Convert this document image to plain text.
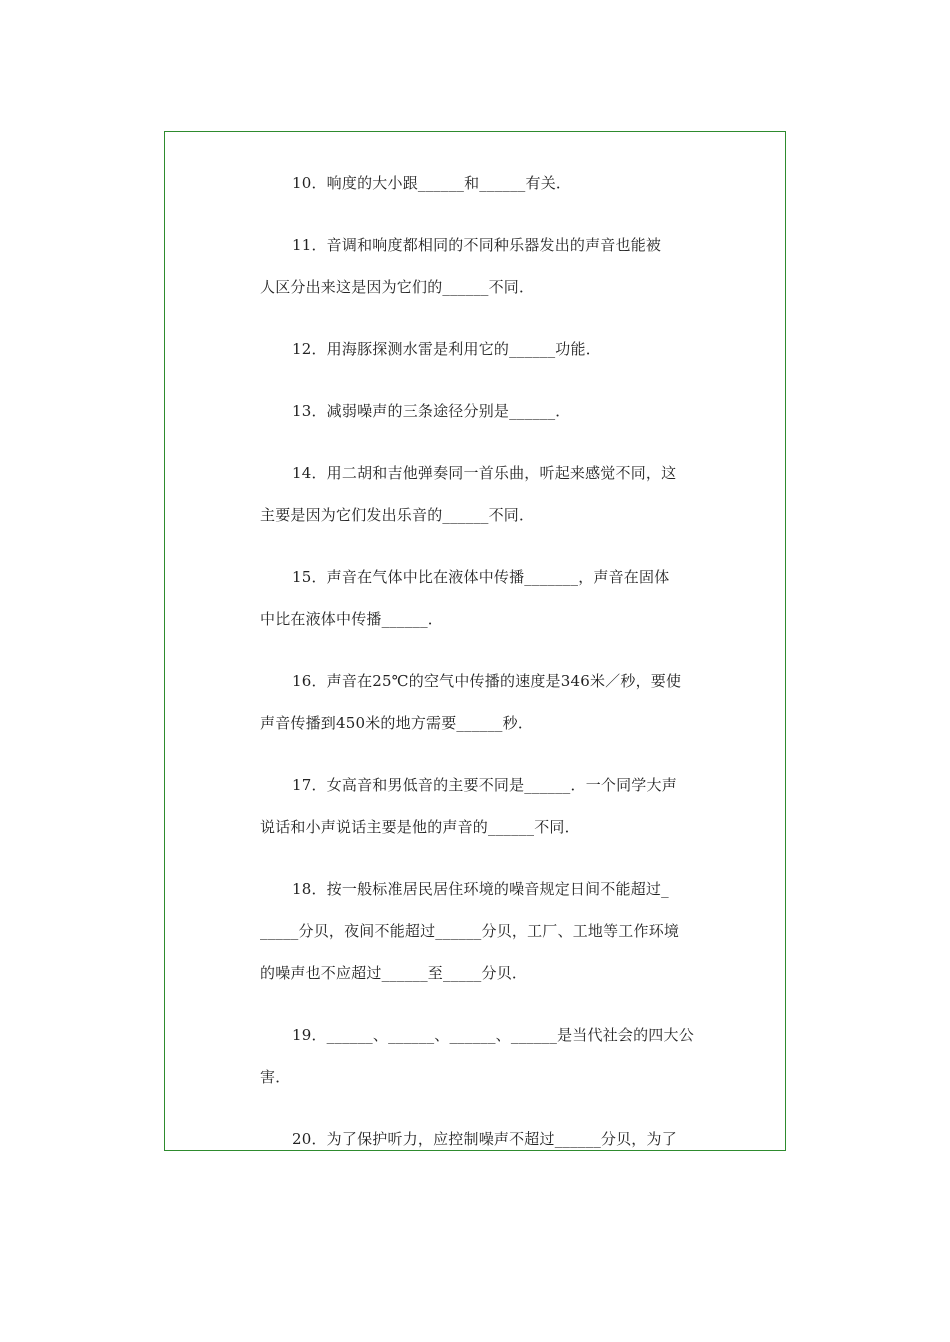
10．响度的大小跟______和______有关．
11．音调和响度都相同的不同种乐器发出的声音也能被
人区分出来这是因为它们的______不同．
12．用海豚探测水雷是利用它的______功能．
13．减弱噪声的三条途径分别是______．
14．用二胡和吉他弹奏同一首乐曲，听起来感觉不同，这
主要是因为它们发出乐音的______不同．
15．声音在气体中比在液体中传播_______，声音在固体
中比在液体中传播______．
16．声音在25℃的空气中传播的速度是346米／秒，要使
声音传播到450米的地方需要______秒．
17．女高音和男低音的主要不同是______．一个同学大声
说话和小声说话主要是他的声音的______不同．
18．按一般标准居民居住环境的噪音规定日间不能超过_
_____分贝，夜间不能超过______分贝，工厂、工地等工作环境
的噪声也不应超过______至_____分贝．
19．______、______、______、______是当代社会的四大公
害．
20．为了保护听力，应控制噪声不超过______分贝，为了
